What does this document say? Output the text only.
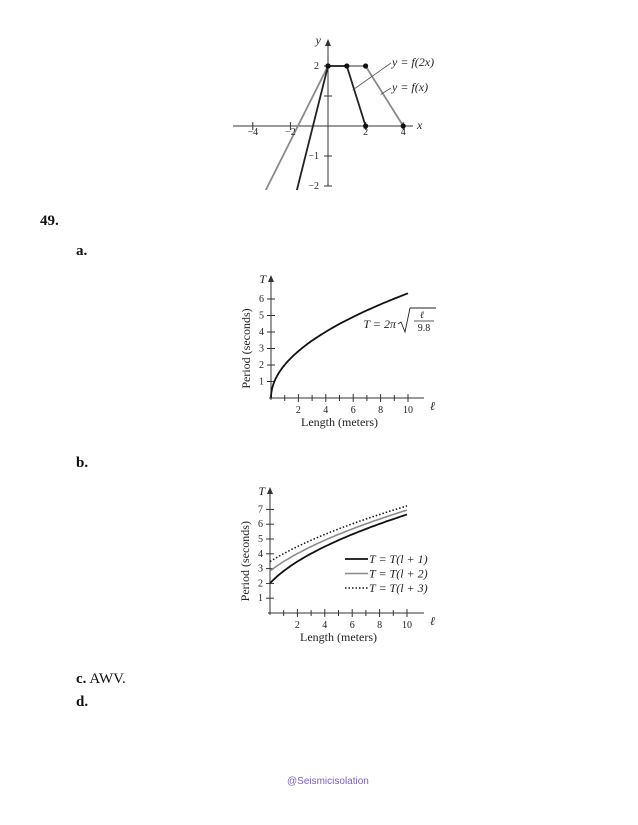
−4	−2	2	4
2
−1
−2
x
y
y = f(2x)
y = f(x)
49.
a.
2 4 6 8 10
1
2
3
4
5
6
ℓ
T
Length (meters)
Period (seconds)	T = 2π
ℓ
9.8
b.
2 4 6 8 10
1
2
3
4
5
6
7
ℓ
T
Length (meters)
Period (seconds)	T = T(l + 1)
T = T(l + 2)
T = T(l + 3)
c. AWV.
d.
@Seismicisolation
